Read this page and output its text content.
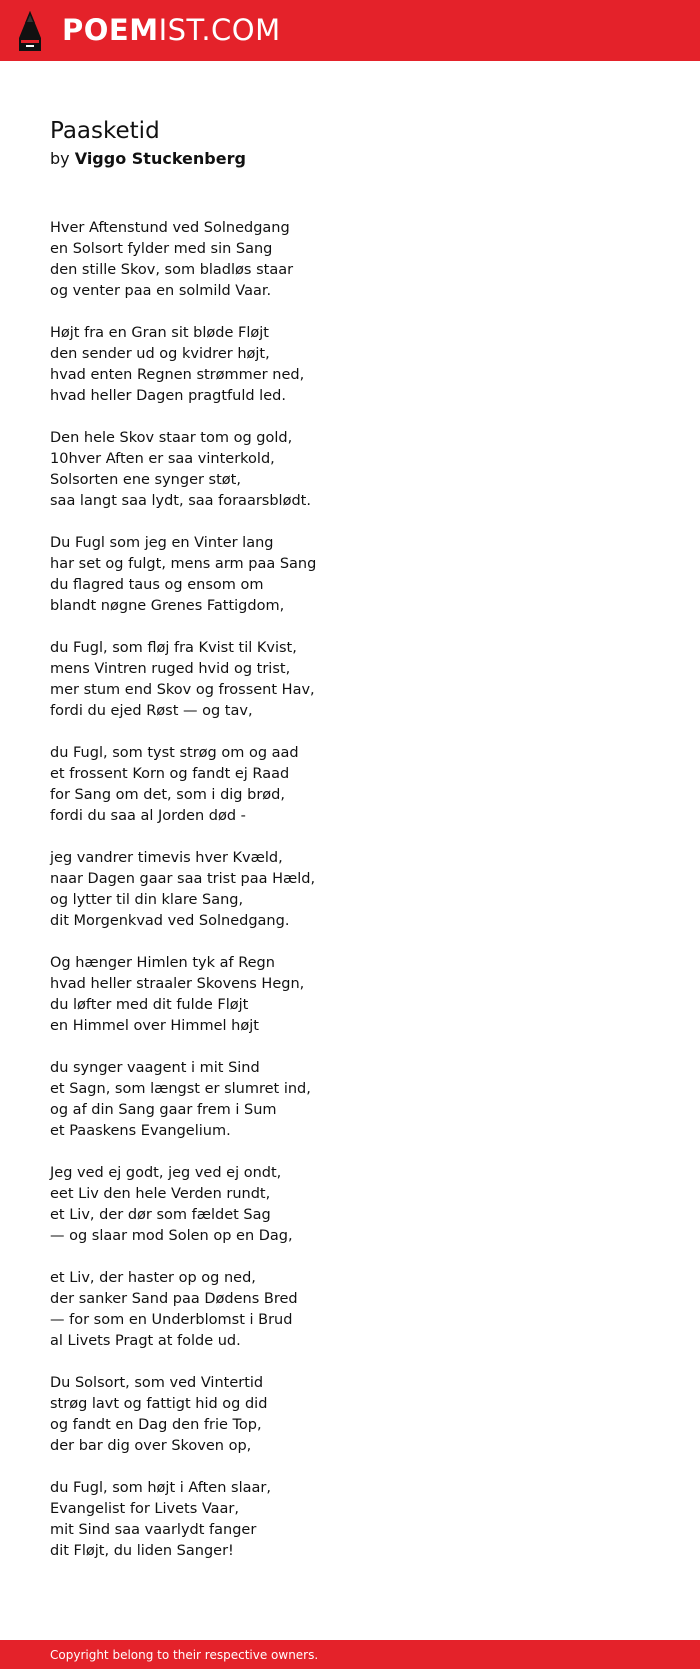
POEMIST.COM
Paasketid
by Viggo Stuckenberg

Hver Aftenstund ved Solnedgang
en Solsort fylder med sin Sang
den stille Skov, som bladløs staar
og venter paa en solmild Vaar.

Højt fra en Gran sit bløde Fløjt
den sender ud og kvidrer højt,
hvad enten Regnen strømmer ned,
hvad heller Dagen pragtfuld led.

Den hele Skov staar tom og gold,
10hver Aften er saa vinterkold,
Solsorten ene synger støt,
saa langt saa lydt, saa foraarsblødt.

Du Fugl som jeg en Vinter lang
har set og fulgt, mens arm paa Sang
du flagred taus og ensom om
blandt nøgne Grenes Fattigdom,

du Fugl, som fløj fra Kvist til Kvist,
mens Vintren ruged hvid og trist,
mer stum end Skov og frossent Hav,
fordi du ejed Røst — og tav,

du Fugl, som tyst strøg om og aad
et frossent Korn og fandt ej Raad
for Sang om det, som i dig brød,
fordi du saa al Jorden død -

jeg vandrer timevis hver Kvæld,
naar Dagen gaar saa trist paa Hæld,
og lytter til din klare Sang,
dit Morgenkvad ved Solnedgang.

Og hænger Himlen tyk af Regn
hvad heller straaler Skovens Hegn,
du løfter med dit fulde Fløjt
en Himmel over Himmel højt

du synger vaagent i mit Sind
et Sagn, som længst er slumret ind,
og af din Sang gaar frem i Sum
et Paaskens Evangelium.

Jeg ved ej godt, jeg ved ej ondt,
eet Liv den hele Verden rundt,
et Liv, der dør som fældet Sag
— og slaar mod Solen op en Dag,

et Liv, der haster op og ned,
der sanker Sand paa Dødens Bred
— for som en Underblomst i Brud
al Livets Pragt at folde ud.

Du Solsort, som ved Vintertid
strøg lavt og fattigt hid og did
og fandt en Dag den frie Top,
der bar dig over Skoven op,

du Fugl, som højt i Aften slaar,
Evangelist for Livets Vaar,
mit Sind saa vaarlydt fanger
dit Fløjt, du liden Sanger!

Copyright belong to their respective owners.
